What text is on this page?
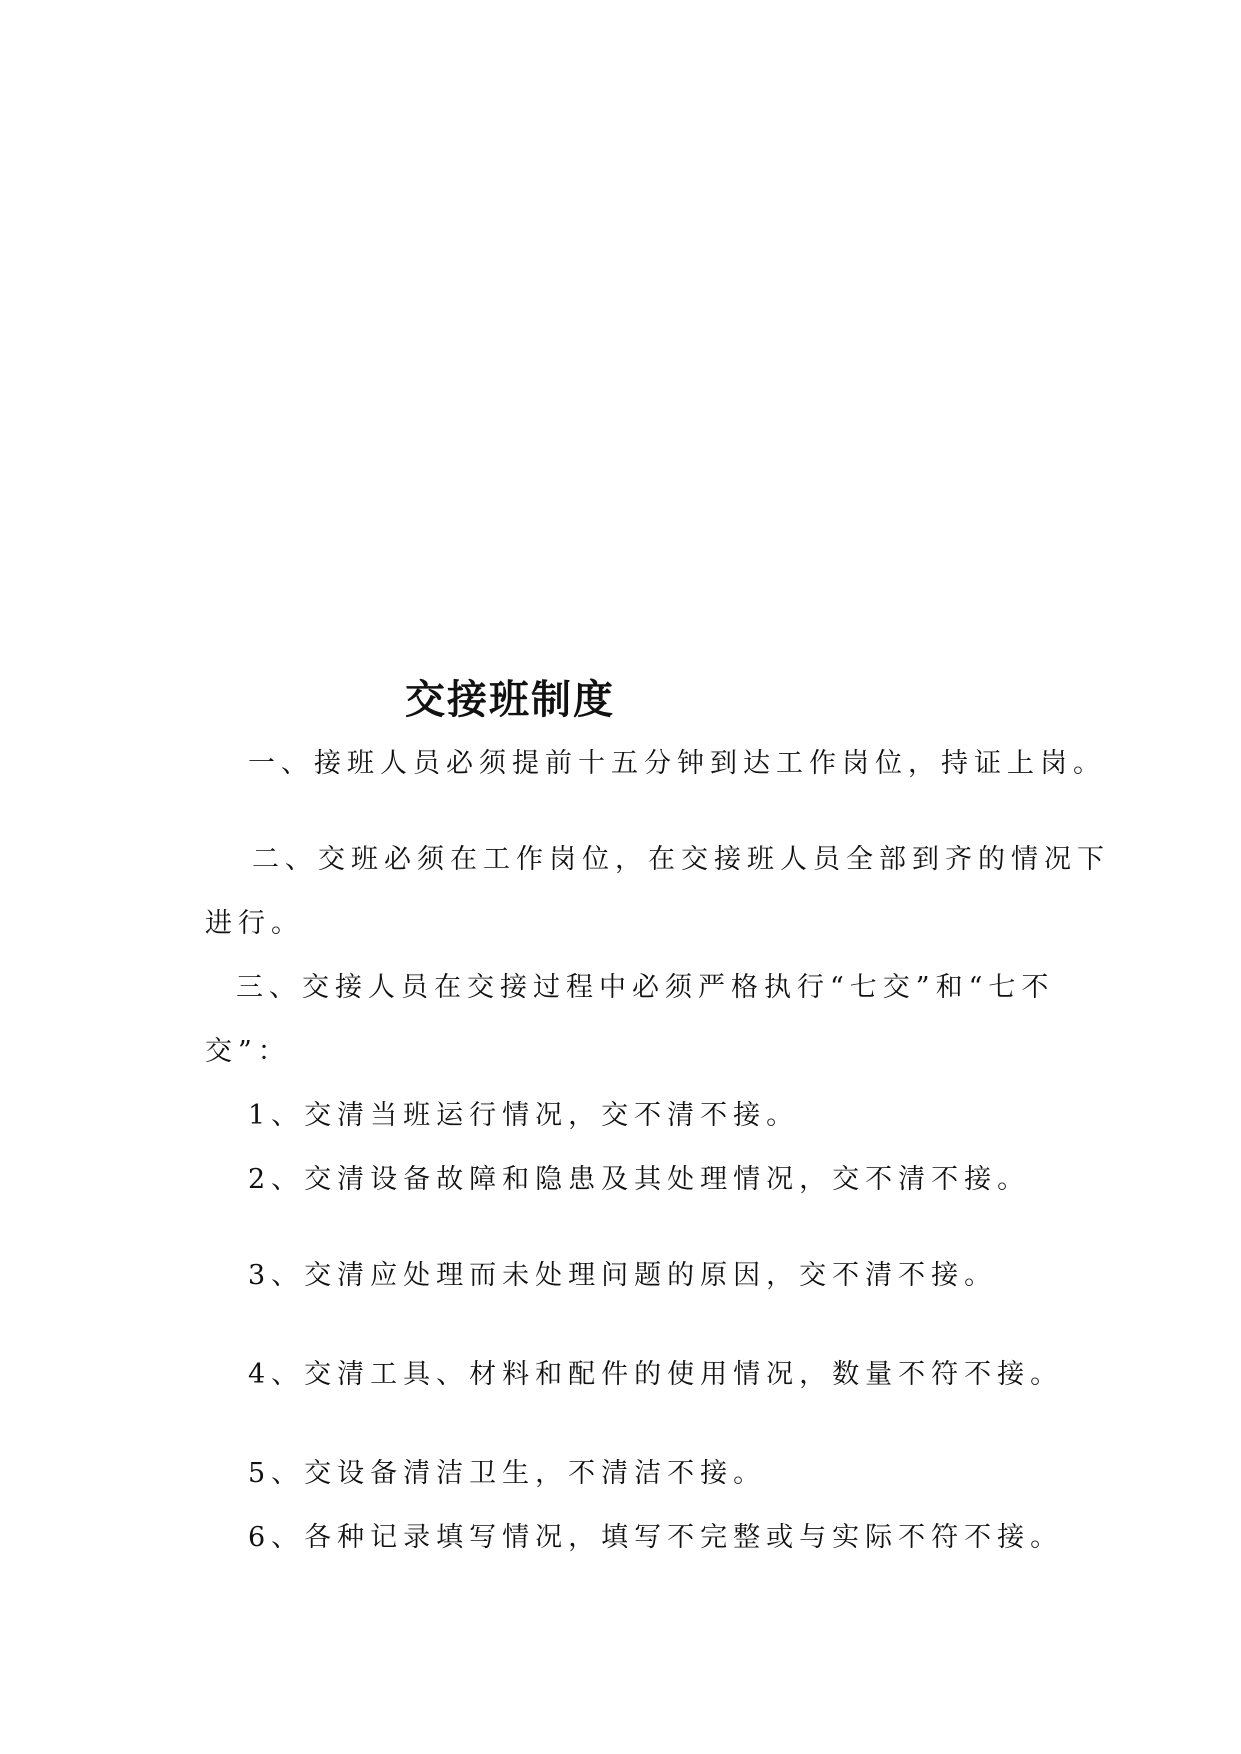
交接班制度
一、接班人员必须提前十五分钟到达工作岗位，持证上岗。
二、交班必须在工作岗位，在交接班人员全部到齐的情况下
进行。
三、交接人员在交接过程中必须严格执行“七交”和“七不
交”：
1、交清当班运行情况，交不清不接。
2、交清设备故障和隐患及其处理情况，交不清不接。
3、交清应处理而未处理问题的原因，交不清不接。
4、交清工具、材料和配件的使用情况，数量不符不接。
5、交设备清洁卫生，不清洁不接。
6、各种记录填写情况，填写不完整或与实际不符不接。
